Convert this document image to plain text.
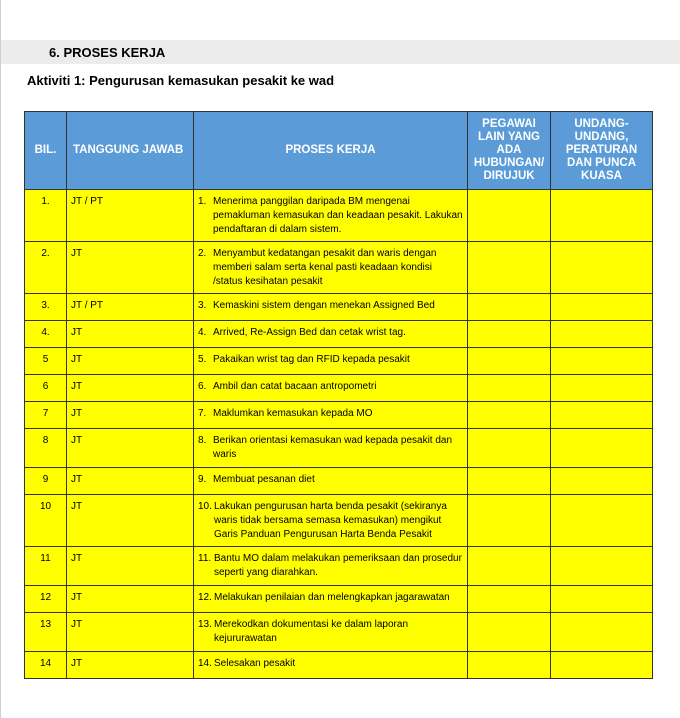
6. PROSES KERJA
Aktiviti 1: Pengurusan kemasukan pesakit ke wad
BIL.	TANGGUNG JAWAB	PROSES KERJA	PEGAWAI LAIN YANG ADA HUBUNGAN/ DIRUJUK	UNDANG-UNDANG, PERATURAN DAN PUNCA KUASA
1.	JT / PT	1. Menerima panggilan daripada BM mengenai pemakluman kemasukan dan keadaan pesakit. Lakukan pendaftaran di dalam sistem.		

2.	JT	2. Menyambut kedatangan pesakit dan waris dengan memberi salam serta kenal pasti keadaan kondisi /status kesihatan pesakit		

3.	JT / PT	3. Kemaskini sistem dengan menekan Assigned Bed		

4.	JT	4. Arrived, Re-Assign Bed dan cetak wrist tag.		

5	JT	5. Pakaikan wrist tag dan RFID kepada pesakit		

6	JT	6. Ambil dan catat bacaan antropometri		

7	JT	7. Maklumkan kemasukan kepada MO		

8	JT	8. Berikan orientasi kemasukan wad kepada pesakit dan waris		

9	JT	9. Membuat pesanan diet		

10	JT	10. Lakukan pengurusan harta benda pesakit (sekiranya waris tidak bersama semasa kemasukan) mengikut Garis Panduan Pengurusan Harta Benda Pesakit		

11	JT	11. Bantu MO dalam melakukan pemeriksaan dan prosedur seperti yang diarahkan.		

12	JT	12. Melakukan penilaian dan melengkapkan jagarawatan		

13	JT	13. Merekodkan dokumentasi ke dalam laporan kejururawatan		

14	JT	14. Selesakan pesakit		
